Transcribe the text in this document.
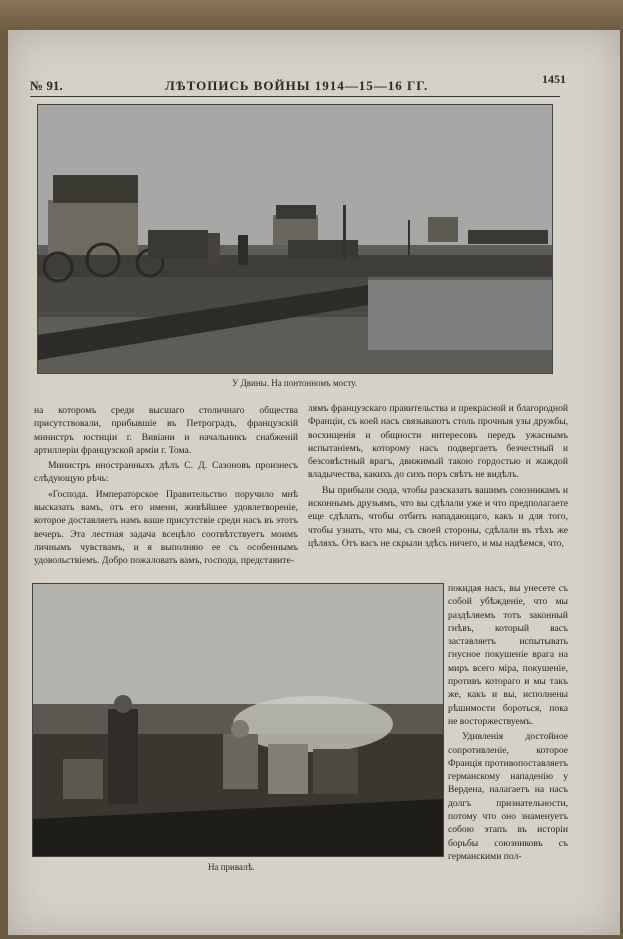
№ 91.	ЛѢТОПИСЬ ВОЙНЫ 1914—15—16 ГГ.	1451
У Двины. На понтонномъ мосту.

на которомъ среди высшаго столичнаго общества присутствовали, прибывшіе въ Петроградъ, французскій министръ юстиціи г. Вивіани и начальникъ снабженій артиллеріи французской арміи г. Тома.

Министръ иностранныхъ дѣлъ С. Д. Сазоновъ произнесъ слѣдующую рѣчь:

«Господа. Императорское Правительство поручило мнѣ высказать вамъ, отъ его имени, живѣйшее удовлетвореніе, которое доставляетъ намъ ваше присутствіе среди насъ въ этотъ вечеръ. Эта лестная задача всецѣло соотвѣтствуетъ моимъ личнымъ чувствамъ, и я выполняю ее съ особеннымъ удовольствіемъ. Добро пожаловать вамъ, господа, представите-

лямъ французскаго правительства и прекрасной и благородной Франціи, съ коей насъ связываютъ столь прочныя узы дружбы, восхищенія и общности интересовъ передъ ужаснымъ испытаніемъ, которому насъ подвергаетъ безчестный и безсовѣстный врагъ, движимый такою гордостью и жаждой владычества, какихъ до сихъ поръ свѣтъ не видѣлъ.

Вы прибыли сюда, чтобы разсказать вашимъ союзникамъ и исконнымъ друзьямъ, что вы сдѣлали уже и что предполагаете еще сдѣлать, чтобы отбить нападающаго, какъ и для того, чтобы узнать, что мы, съ своей стороны, сдѣлали въ тѣхъ же цѣляхъ. Отъ васъ не скрыли здѣсь ничего, и мы надѣемся, что,

На привалѣ.

покидая насъ, вы унесете съ собой убѣжденіе, что мы раздѣляемъ тотъ законный гнѣвъ, который васъ заставляетъ испытывать гнусное покушеніе врага на миръ всего міра, покушеніе, противъ котораго и мы такъ же, какъ и вы, исполнены рѣшимости бороться, пока не восторжествуемъ.

Удивленія достойное сопротивленіе, которое Франція противопоставляетъ германскому нападенію у Вердена, налагаетъ на насъ долгъ признательности, потому что оно знаменуетъ собою этапъ въ исторіи борьбы союзниковъ съ германскими пол-
